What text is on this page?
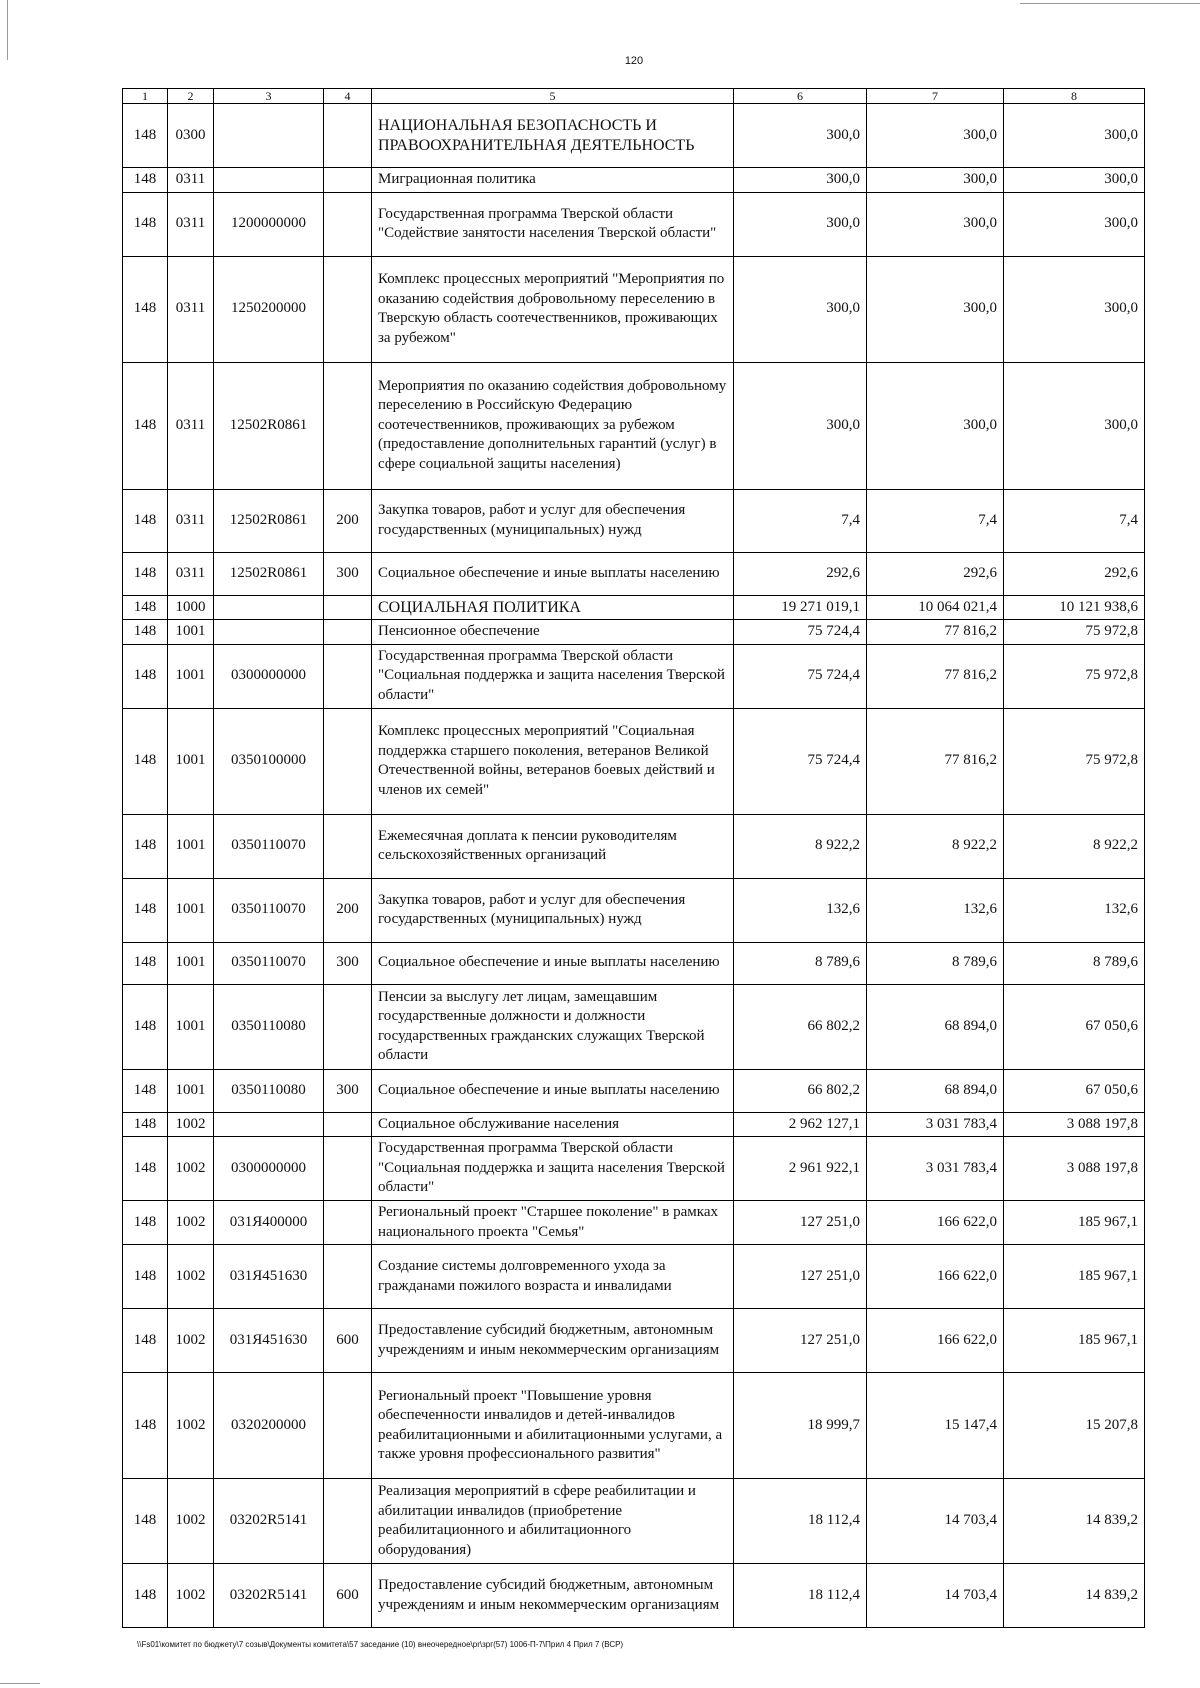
120
1	2	3	4	5	6	7	8
148	0300			НАЦИОНАЛЬНАЯ БЕЗОПАСНОСТЬ И ПРАВООХРАНИТЕЛЬНАЯ ДЕЯТЕЛЬНОСТЬ	300,0	300,0	300,0
148	0311			Миграционная политика	300,0	300,0	300,0
148	0311	1200000000		Государственная программа Тверской области "Содействие занятости населения Тверской области"	300,0	300,0	300,0
148	0311	1250200000		Комплекс процессных мероприятий "Мероприятия по оказанию содействия добровольному переселению в Тверскую область соотечественников, проживающих за рубежом"	300,0	300,0	300,0
148	0311	12502R0861		Мероприятия по оказанию содействия добровольному переселению в Российскую Федерацию соотечественников, проживающих за рубежом (предоставление дополнительных гарантий (услуг) в сфере социальной защиты населения)	300,0	300,0	300,0
148	0311	12502R0861	200	Закупка товаров, работ и услуг для обеспечения государственных (муниципальных) нужд	7,4	7,4	7,4
148	0311	12502R0861	300	Социальное обеспечение и иные выплаты населению	292,6	292,6	292,6
148	1000			СОЦИАЛЬНАЯ ПОЛИТИКА	19 271 019,1	10 064 021,4	10 121 938,6
148	1001			Пенсионное обеспечение	75 724,4	77 816,2	75 972,8
148	1001	0300000000		Государственная программа Тверской области "Социальная поддержка и защита населения Тверской области"	75 724,4	77 816,2	75 972,8
148	1001	0350100000		Комплекс процессных мероприятий "Социальная поддержка старшего поколения, ветеранов Великой Отечественной войны, ветеранов боевых действий и членов их семей"	75 724,4	77 816,2	75 972,8
148	1001	0350110070		Ежемесячная доплата к пенсии руководителям сельскохозяйственных организаций	8 922,2	8 922,2	8 922,2
148	1001	0350110070	200	Закупка товаров, работ и услуг для обеспечения государственных (муниципальных) нужд	132,6	132,6	132,6
148	1001	0350110070	300	Социальное обеспечение и иные выплаты населению	8 789,6	8 789,6	8 789,6
148	1001	0350110080		Пенсии за выслугу лет лицам, замещавшим государственные должности и должности государственных гражданских служащих Тверской области	66 802,2	68 894,0	67 050,6
148	1001	0350110080	300	Социальное обеспечение и иные выплаты населению	66 802,2	68 894,0	67 050,6
148	1002			Социальное обслуживание населения	2 962 127,1	3 031 783,4	3 088 197,8
148	1002	0300000000		Государственная программа Тверской области "Социальная поддержка и защита населения Тверской области"	2 961 922,1	3 031 783,4	3 088 197,8
148	1002	031Я400000		Региональный проект "Старшее поколение" в рамках национального проекта "Семья"	127 251,0	166 622,0	185 967,1
148	1002	031Я451630		Создание системы долговременного ухода за гражданами пожилого возраста и инвалидами	127 251,0	166 622,0	185 967,1
148	1002	031Я451630	600	Предоставление субсидий бюджетным, автономным учреждениям и иным некоммерческим организациям	127 251,0	166 622,0	185 967,1
148	1002	0320200000		Региональный проект "Повышение уровня обеспеченности инвалидов и детей-инвалидов реабилитационными и абилитационными услугами, а также уровня профессионального развития"	18 999,7	15 147,4	15 207,8
148	1002	03202R5141		Реализация мероприятий в сфере реабилитации и абилитации инвалидов (приобретение реабилитационного и абилитационного оборудования)	18 112,4	14 703,4	14 839,2
148	1002	03202R5141	600	Предоставление субсидий бюджетным, автономным учреждениям и иным некоммерческим организациям	18 112,4	14 703,4	14 839,2
\\Fs01\комитет по бюджету\7 созыв\Документы комитета\57 заседание (10) внеочередное\pr\зрг(57) 1006-П-7\Прил 4 Прил 7 (ВСР)
